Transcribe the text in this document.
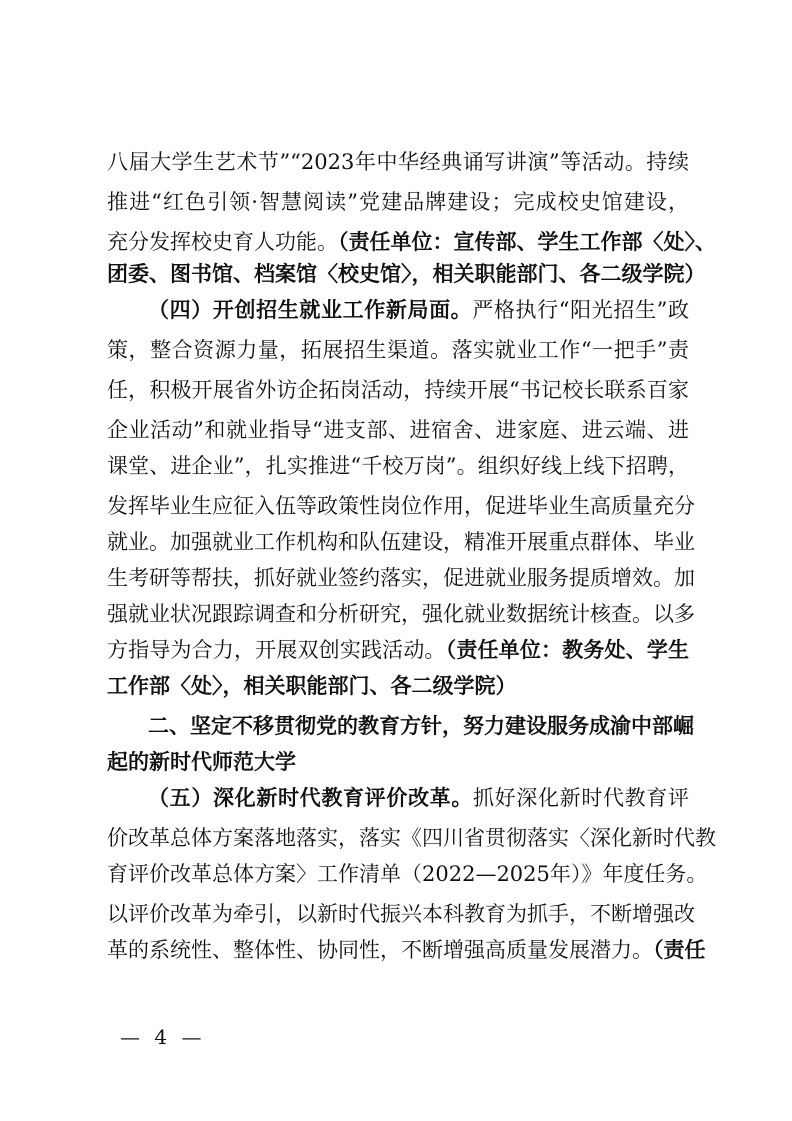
八届大学生艺术节”“2023年中华经典诵写讲演”等活动。持续
推进“红色引领·智慧阅读”党建品牌建设；完成校史馆建设，
充分发挥校史育人功能。（责任单位：宣传部、学生工作部〈处〉、
团委、图书馆、档案馆〈校史馆〉，相关职能部门、各二级学院）
（四）开创招生就业工作新局面。严格执行“阳光招生”政
策，整合资源力量，拓展招生渠道。落实就业工作“一把手”责
任，积极开展省外访企拓岗活动，持续开展“书记校长联系百家
企业活动”和就业指导“进支部、进宿舍、进家庭、进云端、进
课堂、进企业”，扎实推进“千校万岗”。组织好线上线下招聘，
发挥毕业生应征入伍等政策性岗位作用，促进毕业生高质量充分
就业。加强就业工作机构和队伍建设，精准开展重点群体、毕业
生考研等帮扶，抓好就业签约落实，促进就业服务提质增效。加
强就业状况跟踪调查和分析研究，强化就业数据统计核查。以多
方指导为合力，开展双创实践活动。（责任单位：教务处、学生
工作部〈处〉，相关职能部门、各二级学院）
二、坚定不移贯彻党的教育方针，努力建设服务成渝中部崛
起的新时代师范大学
（五）深化新时代教育评价改革。抓好深化新时代教育评
价改革总体方案落地落实，落实《四川省贯彻落实〈深化新时代教
育评价改革总体方案〉工作清单（2022—2025年）》年度任务。
以评价改革为牵引，以新时代振兴本科教育为抓手，不断增强改
革的系统性、整体性、协同性，不断增强高质量发展潜力。（责任
— 4 —
